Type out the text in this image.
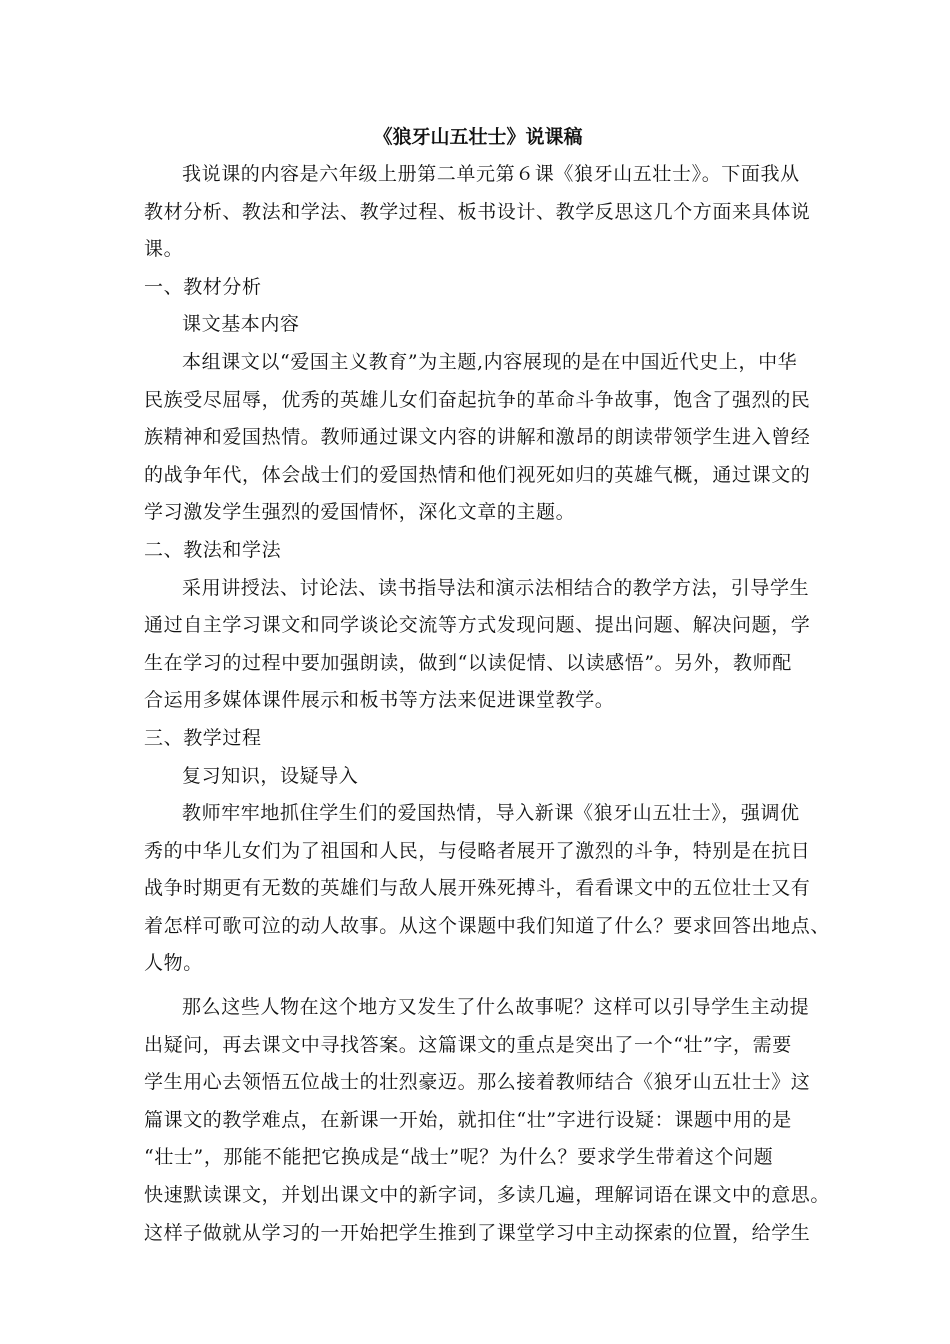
《狼牙山五壮士》说课稿

我说课的内容是六年级上册第二单元第６课《狼牙山五壮士》。下面我从

教材分析、教法和学法、教学过程、板书设计、教学反思这几个方面来具体说

课。

一、教材分析

课文基本内容

本组课文以“爱国主义教育”为主题,内容展现的是在中国近代史上，中华

民族受尽屈辱，优秀的英雄儿女们奋起抗争的革命斗争故事，饱含了强烈的民

族精神和爱国热情。教师通过课文内容的讲解和激昂的朗读带领学生进入曾经

的战争年代，体会战士们的爱国热情和他们视死如归的英雄气概，通过课文的

学习激发学生强烈的爱国情怀，深化文章的主题。

二、教法和学法

采用讲授法、讨论法、读书指导法和演示法相结合的教学方法，引导学生

通过自主学习课文和同学谈论交流等方式发现问题、提出问题、解决问题，学

生在学习的过程中要加强朗读，做到“以读促情、以读感悟”。另外，教师配

合运用多媒体课件展示和板书等方法来促进课堂教学。

三、教学过程

复习知识，设疑导入

教师牢牢地抓住学生们的爱国热情，导入新课《狼牙山五壮士》，强调优

秀的中华儿女们为了祖国和人民，与侵略者展开了激烈的斗争，特别是在抗日

战争时期更有无数的英雄们与敌人展开殊死搏斗，看看课文中的五位壮士又有

着怎样可歌可泣的动人故事。从这个课题中我们知道了什么？要求回答出地点、

人物。

那么这些人物在这个地方又发生了什么故事呢？这样可以引导学生主动提

出疑问，再去课文中寻找答案。这篇课文的重点是突出了一个“壮”字，需要

学生用心去领悟五位战士的壮烈豪迈。那么接着教师结合《狼牙山五壮士》这

篇课文的教学难点，在新课一开始，就扣住“壮”字进行设疑：课题中用的是

“壮士”，那能不能把它换成是“战士”呢？为什么？要求学生带着这个问题

快速默读课文，并划出课文中的新字词，多读几遍，理解词语在课文中的意思。

这样子做就从学习的一开始把学生推到了课堂学习中主动探索的位置，给学生
